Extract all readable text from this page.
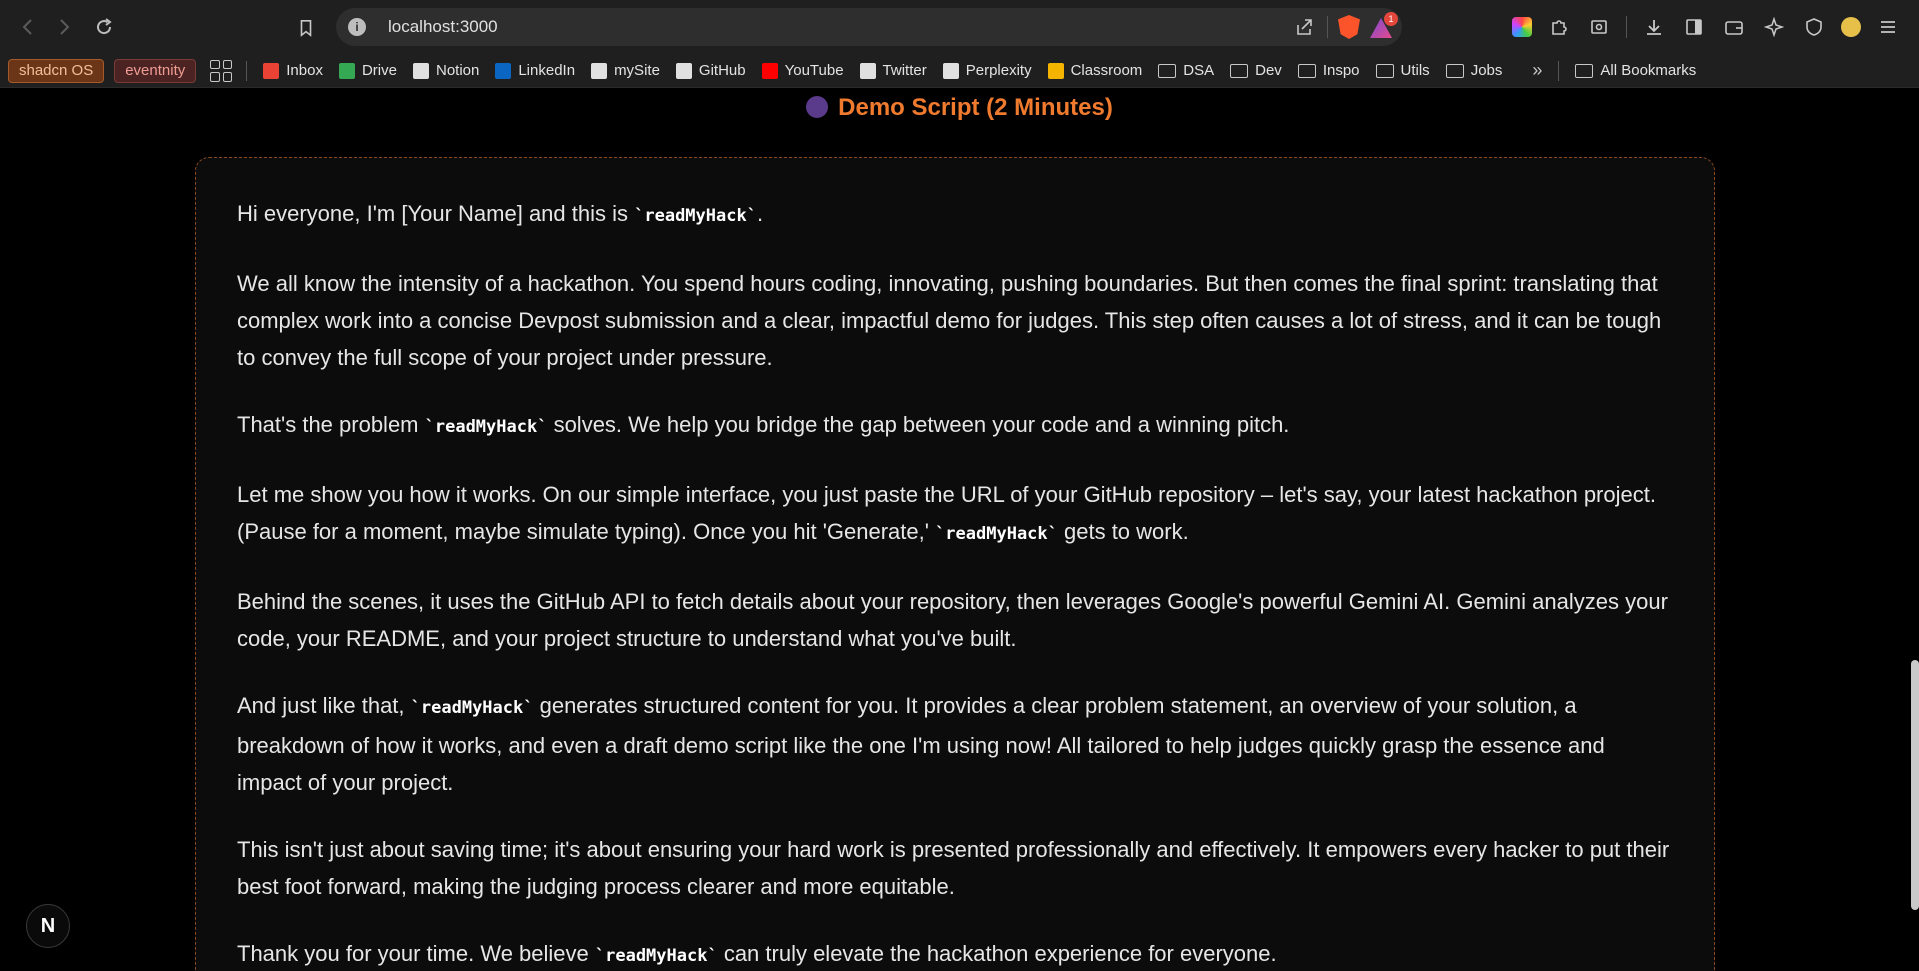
i	localhost:3000	1
shadcn OS	eventnity	Inbox	Drive	Notion	LinkedIn	mySite	GitHub	YouTube	Twitter	Perplexity	Classroom	DSA	Dev	Inspo	Utils	Jobs »	All Bookmarks
Demo Script (2 Minutes)

Hi everyone, I'm [Your Name] and this is `readMyHack`.

We all know the intensity of a hackathon. You spend hours coding, innovating, pushing boundaries. But then comes the final sprint: translating that complex work into a concise Devpost submission and a clear, impactful demo for judges. This step often causes a lot of stress, and it can be tough to convey the full scope of your project under pressure.

That's the problem `readMyHack` solves. We help you bridge the gap between your code and a winning pitch.

Let me show you how it works. On our simple interface, you just paste the URL of your GitHub repository – let's say, your latest hackathon project. (Pause for a moment, maybe simulate typing). Once you hit 'Generate,' `readMyHack` gets to work.

Behind the scenes, it uses the GitHub API to fetch details about your repository, then leverages Google's powerful Gemini AI. Gemini analyzes your code, your README, and your project structure to understand what you've built.

And just like that, `readMyHack` generates structured content for you. It provides a clear problem statement, an overview of your solution, a breakdown of how it works, and even a draft demo script like the one I'm using now! All tailored to help judges quickly grasp the essence and impact of your project.

This isn't just about saving time; it's about ensuring your hard work is presented professionally and effectively. It empowers every hacker to put their best foot forward, making the judging process clearer and more equitable.

Thank you for your time. We believe `readMyHack` can truly elevate the hackathon experience for everyone.

N
